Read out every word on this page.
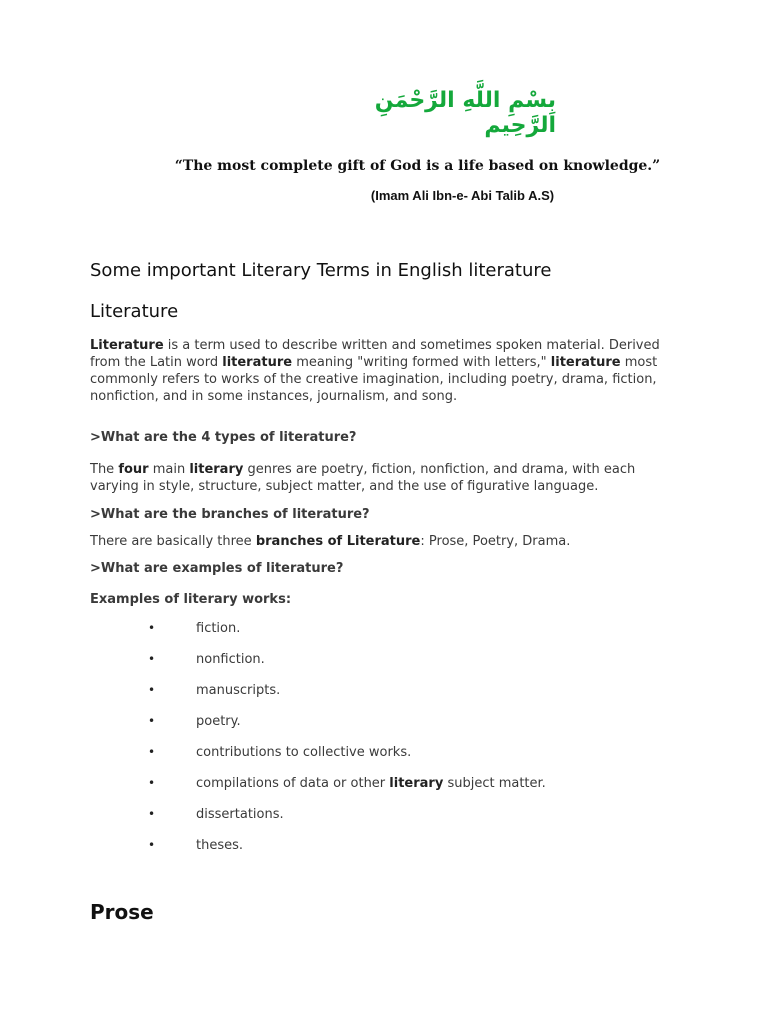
بِسْمِ اللَّهِ الرَّحْمَنِ الرَّحِيم
“The most complete gift of God is a life based on knowledge.”
(Imam Ali Ibn-e- Abi Talib A.S)
Some important Literary Terms in English literature
Literature
Literature is a term used to describe written and sometimes spoken material. Derived from the Latin word literature meaning "writing formed with letters," literature most commonly refers to works of the creative imagination, including poetry, drama, fiction, nonfiction, and in some instances, journalism, and song.
>What are the 4 types of literature?
The four main literary genres are poetry, fiction, nonfiction, and drama, with each varying in style, structure, subject matter, and the use of figurative language.
>What are the branches of literature?
There are basically three branches of Literature: Prose, Poetry, Drama.
>What are examples of literature?
Examples of literary works:
•	fiction.
•	nonfiction.
•	manuscripts.
•	poetry.
•	contributions to collective works.
•	compilations of data or other literary subject matter.
•	dissertations.
•	theses.
Prose
